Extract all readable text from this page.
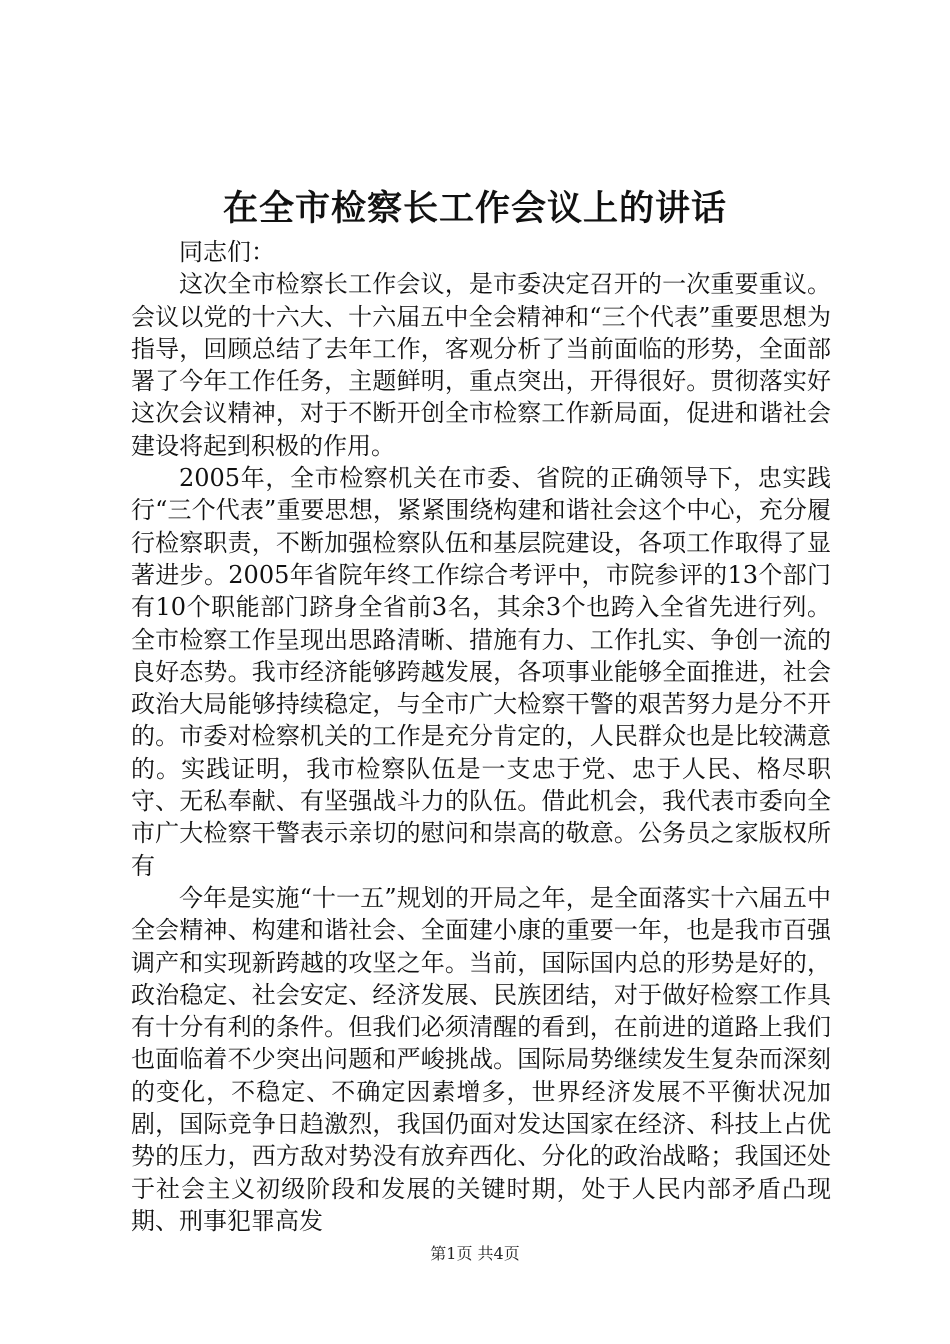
在全市检察长工作会议上的讲话

同志们：

这次全市检察长工作会议，是市委决定召开的一次重要重议。会议以党的十六大、十六届五中全会精神和“三个代表”重要思想为指导，回顾总结了去年工作，客观分析了当前面临的形势，全面部署了今年工作任务，主题鲜明，重点突出，开得很好。贯彻落实好这次会议精神，对于不断开创全市检察工作新局面，促进和谐社会建设将起到积极的作用。

2005年，全市检察机关在市委、省院的正确领导下，忠实践行“三个代表”重要思想，紧紧围绕构建和谐社会这个中心，充分履行检察职责，不断加强检察队伍和基层院建设，各项工作取得了显著进步。2005年省院年终工作综合考评中，市院参评的13个部门有10个职能部门跻身全省前3名，其余3个也跨入全省先进行列。全市检察工作呈现出思路清晰、措施有力、工作扎实、争创一流的良好态势。我市经济能够跨越发展，各项事业能够全面推进，社会政治大局能够持续稳定，与全市广大检察干警的艰苦努力是分不开的。市委对检察机关的工作是充分肯定的，人民群众也是比较满意的。实践证明，我市检察队伍是一支忠于党、忠于人民、格尽职守、无私奉献、有坚强战斗力的队伍。借此机会，我代表市委向全市广大检察干警表示亲切的慰问和崇高的敬意。公务员之家版权所有

今年是实施“十一五”规划的开局之年，是全面落实十六届五中全会精神、构建和谐社会、全面建小康的重要一年，也是我市百强调产和实现新跨越的攻坚之年。当前，国际国内总的形势是好的，政治稳定、社会安定、经济发展、民族团结，对于做好检察工作具有十分有利的条件。但我们必须清醒的看到，在前进的道路上我们也面临着不少突出问题和严峻挑战。国际局势继续发生复杂而深刻的变化，不稳定、不确定因素增多，世界经济发展不平衡状况加剧，国际竞争日趋激烈，我国仍面对发达国家在经济、科技上占优势的压力，西方敌对势没有放弃西化、分化的政治战略；我国还处于社会主义初级阶段和发展的关键时期，处于人民内部矛盾凸现期、刑事犯罪高发

第1页 共4页
